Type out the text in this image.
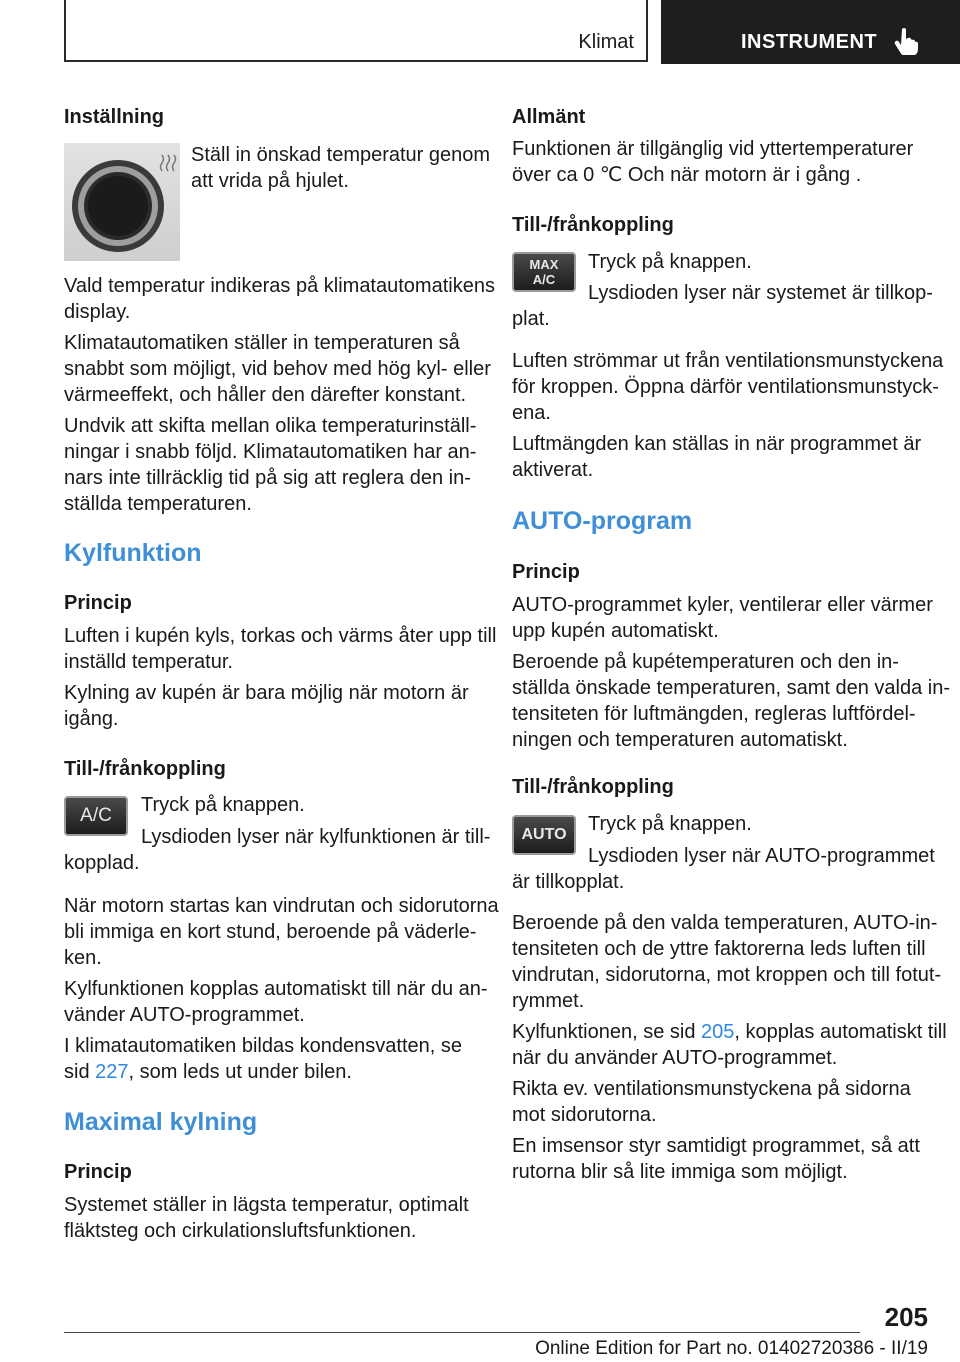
Klimat	INSTRUMENT
Inställning

Ställ in önskad temperatur genom

att vrida på hjulet.

Vald temperatur indikeras på klimatautomatikens

display.

Klimatautomatiken ställer in temperaturen så

snabbt som möjligt, vid behov med hög kyl- eller

värmeeffekt, och håller den därefter konstant.

Undvik att skifta mellan olika temperaturinställ-

ningar i snabb följd. Klimatautomatiken har an-

nars inte tillräcklig tid på sig att reglera den in-

ställda temperaturen.

Kylfunktion
Princip

Luften i kupén kyls, torkas och värms åter upp till

inställd temperatur.

Kylning av kupén är bara möjlig när motorn är

igång.

Till-/frånkoppling
A/C	Tryck på knappen.

Lysdioden lyser när kylfunktionen är till-

kopplad.

När motorn startas kan vindrutan och sidorutorna

bli immiga en kort stund, beroende på väderle-

ken.

Kylfunktionen kopplas automatiskt till när du an-

vänder AUTO-programmet.

I klimatautomatiken bildas kondensvatten, se

sid 227, som leds ut under bilen.

Maximal kylning
Princip

Systemet ställer in lägsta temperatur, optimalt

fläktsteg och cirkulationsluftsfunktionen.

Allmänt

Funktionen är tillgänglig vid yttertemperaturer

över ca 0 ℃ Och när motorn är i gång .

Till-/frånkoppling
MAX
A/C

Tryck på knappen.

Lysdioden lyser när systemet är tillkop-

plat.

Luften strömmar ut från ventilationsmunstyckena

för kroppen. Öppna därför ventilationsmunstyck-

ena.

Luftmängden kan ställas in när programmet är

aktiverat.

AUTO-program
Princip

AUTO-programmet kyler, ventilerar eller värmer

upp kupén automatiskt.

Beroende på kupétemperaturen och den in-

ställda önskade temperaturen, samt den valda in-

tensiteten för luftmängden, regleras luftfördel-

ningen och temperaturen automatiskt.

Till-/frånkoppling
AUTO	Tryck på knappen.

Lysdioden lyser när AUTO-programmet

är tillkopplat.

Beroende på den valda temperaturen, AUTO-in-

tensiteten och de yttre faktorerna leds luften till

vindrutan, sidorutorna, mot kroppen och till fotut-

rymmet.

Kylfunktionen, se sid 205, kopplas automatiskt till

när du använder AUTO-programmet.

Rikta ev. ventilationsmunstyckena på sidorna

mot sidorutorna.

En imsensor styr samtidigt programmet, så att

rutorna blir så lite immiga som möjligt.

205
Online Edition for Part no. 01402720386 - II/19
